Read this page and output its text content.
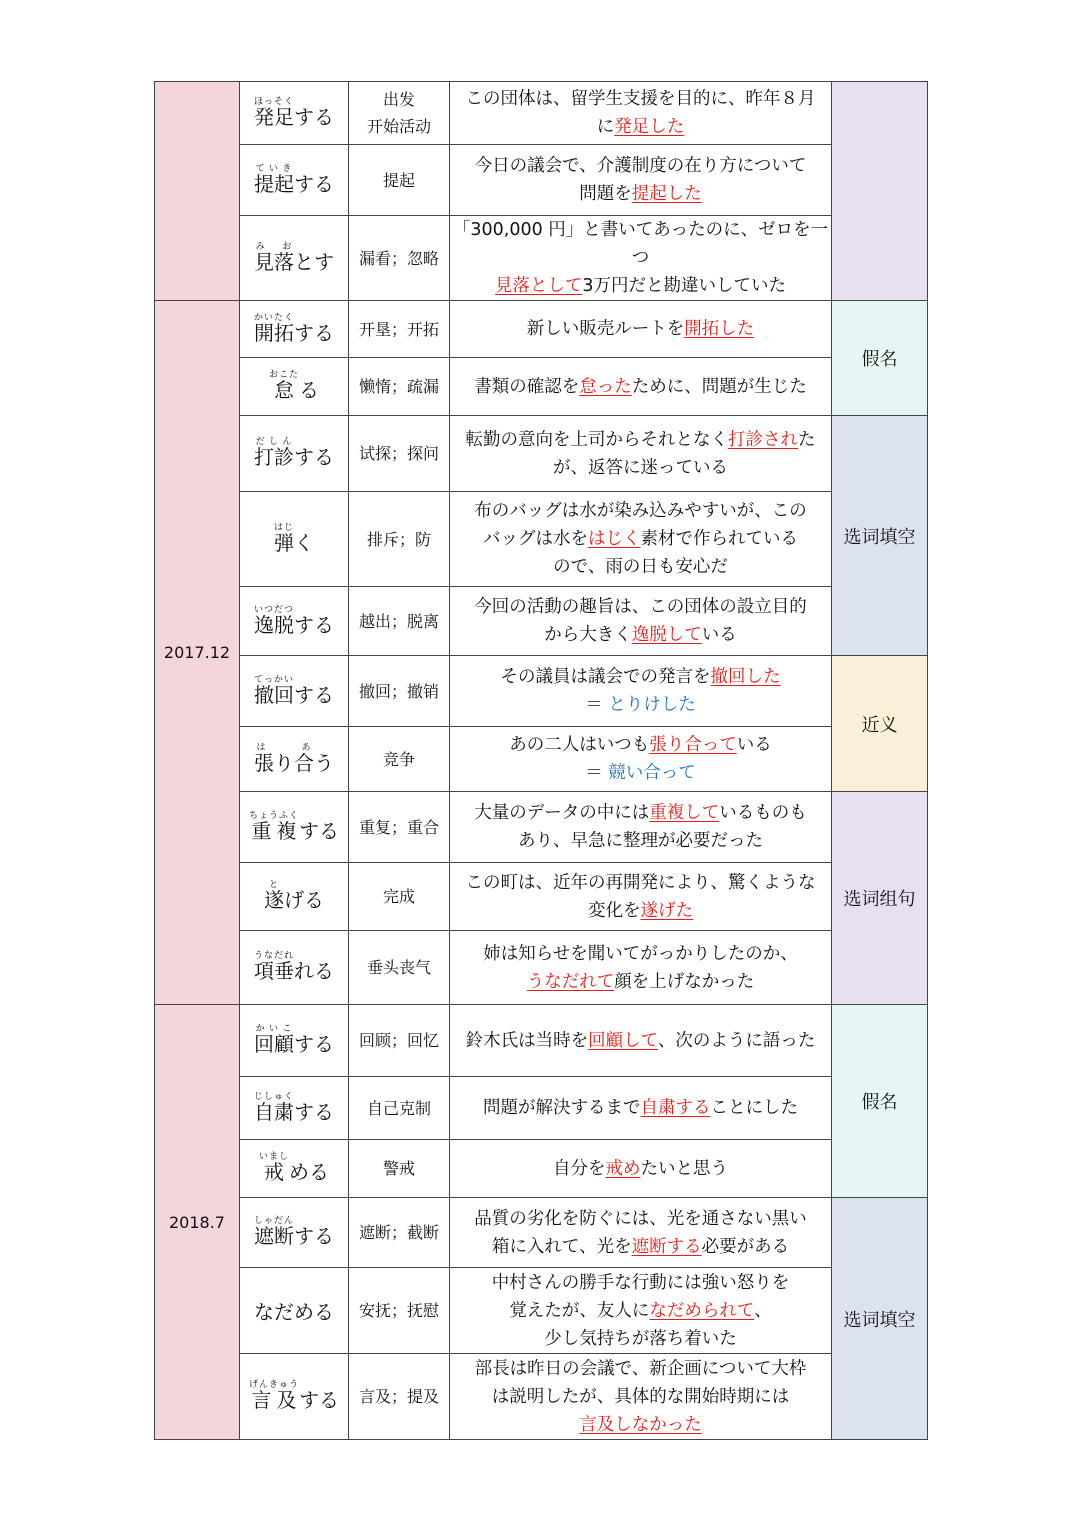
	発足ほっそく
する	出发
开始活动	この団体は、留学生支援を目的に、昨年８月
に発足した	

	提起ていき
する	提起	今日の議会で、介護制度の在り方について
問題を提起した	

	見落み　お
とす	漏看；忽略	「300,000 円」と書いてあったのに、ゼロを一つ
見落として3万円だと勘違いしていた	

2017.12	開拓かいたく
する	开垦；开拓	新しい販売ルートを開拓した	假名

	怠おこた
る	懒惰；疏漏	書類の確認を怠ったために、問題が生じた	

	打診だしん
する	试探；探问	転勤の意向を上司からそれとなく打診された
が、返答に迷っている	选词填空

	弾はじ
く	排斥；防	布のバッグは水が染み込みやすいが、この
バッグは水をはじく素材で作られている
ので、雨の日も安心だ	

	逸脱いつだつ
する	越出；脱离	今回の活動の趣旨は、この団体の設立目的
から大きく逸脱している	

	撤回てっかい
する	撤回；撤销	その議員は議会での発言を撤回した
＝ とりけした	近义

	張り合は　　あ
う	竞争	あの二人はいつも張り合っている
＝ 競い合って	

	重複ちょうふく
する	重复；重合	大量のデータの中には重複しているものも
あり、早急に整理が必要だった	选词组句

	遂と
げる	完成	この町は、近年の再開発により、驚くような
変化を遂げた	

	項垂うなだれ
れる	垂头丧气	姉は知らせを聞いてがっかりしたのか、
うなだれて顔を上げなかった	

2018.7	回顧かいこ
する	回顾；回忆	鈴木氏は当時を回顧して、次のように語った	假名

	自粛じしゅく
する	自己克制	問題が解決するまで自粛することにした	

	戒いまし
める	警戒	自分を戒めたいと思う	

	遮断しゃだん
する	遮断；截断	品質の劣化を防ぐには、光を通さない黒い
箱に入れて、光を遮断する必要がある	选词填空

	なだめる	安抚；抚慰	中村さんの勝手な行動には強い怒りを
覚えたが、友人になだめられて、
少し気持ちが落ち着いた	

	言及げんきゅう
する	言及；提及	部長は昨日の会議で、新企画について大枠
は説明したが、具体的な開始時期には
言及しなかった	
